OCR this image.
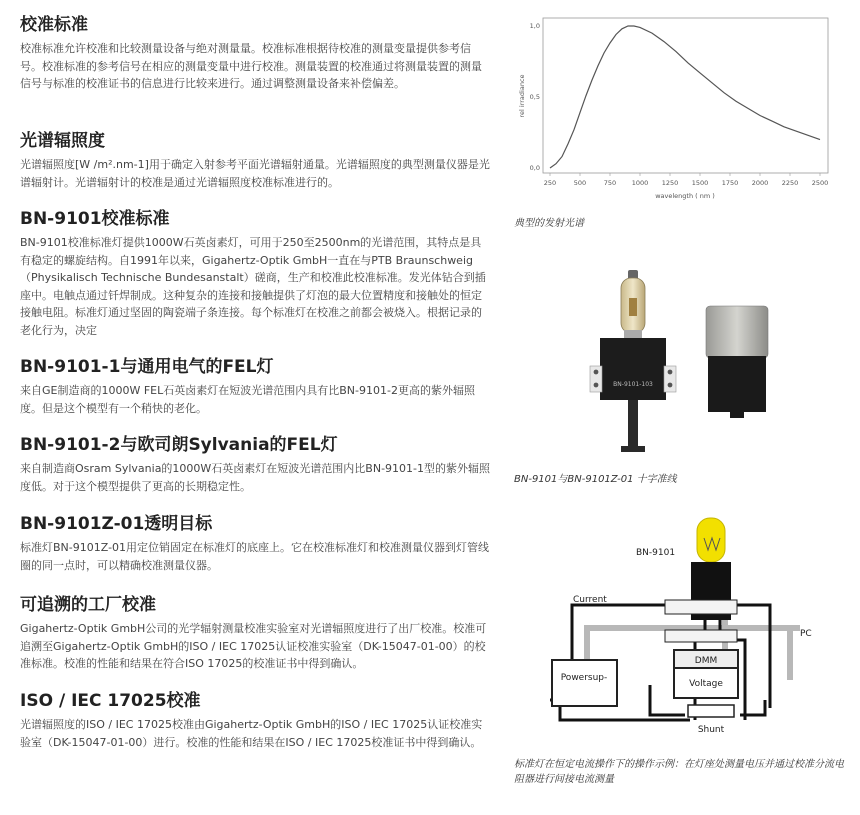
校准标准

校准标准允许校准和比较测量设备与绝对测量量。校准标准根据待校准的测量变量提供参考信号。校准标准的参考信号在相应的测量变量中进行校准。测量装置的校准通过将测量装置的测量信号与标准的校准证书的信息进行比较来进行。通过调整测量设备来补偿偏差。

光谱辐照度

光谱辐照度[W /m².nm-1]用于确定入射参考平面光谱辐射通量。光谱辐照度的典型测量仪器是光谱辐射计。光谱辐射计的校准是通过光谱辐照度校准标准进行的。

BN-9101校准标准

BN-9101校准标准灯提供1000W石英卤素灯，可用于250至2500nm的光谱范围，其特点是具有稳定的螺旋结构。自1991年以来，Gigahertz-Optik GmbH一直在与PTB Braunschweig（Physikalisch Technische Bundesanstalt）磋商，生产和校准此校准标准。发光体钻合到插座中。电触点通过钎焊制成。这种复杂的连接和接触提供了灯泡的最大位置精度和接触处的恒定接触电阻。标准灯通过坚固的陶瓷端子条连接。每个标准灯在校准之前都会被烧入。根据记录的老化行为，决定

BN-9101-1与通用电气的FEL灯

来自GE制造商的1000W FEL石英卤素灯在短波光谱范围内具有比BN-9101-2更高的紫外辐照度。但是这个模型有一个稍快的老化。

BN-9101-2与欧司朗Sylvania的FEL灯

来自制造商Osram Sylvania的1000W石英卤素灯在短波光谱范围内比BN-9101-1型的紫外辐照度低。对于这个模型提供了更高的长期稳定性。

BN-9101Z-01透明目标

标准灯BN-9101Z-01用定位销固定在标准灯的底座上。它在校准标准灯和校准测量仪器到灯管线圈的同一点时，可以精确校准测量仪器。

可追溯的工厂校准

Gigahertz-Optik GmbH公司的光学辐射测量校准实验室对光谱辐照度进行了出厂校准。校准可追溯至Gigahertz-Optik GmbH的ISO / IEC 17025认证校准实验室（DK-15047-01-00）的校准标准。校准的性能和结果在符合ISO 17025的校准证书中得到确认。

ISO / IEC 17025校准

光谱辐照度的ISO / IEC 17025校准由Gigahertz-Optik GmbH的ISO / IEC 17025认证校准实验室（DK-15047-01-00）进行。校准的性能和结果在ISO / IEC 17025校准证书中得到确认。

250	500	750 1000 1250 1500 1750 2000 2250 2500
0,0
0,5
1,0
wavelength ( nm )
rel irradiance
典型的发射光谱
BN-9101-103
BN-9101与BN-9101Z-01 十字准线
BN-9101
Current
PC
DMM
Voltage
Powersup-
Shunt
标准灯在恒定电流操作下的操作示例：在灯座处测量电压并通过校准分流电阻器进行间接电流测量
